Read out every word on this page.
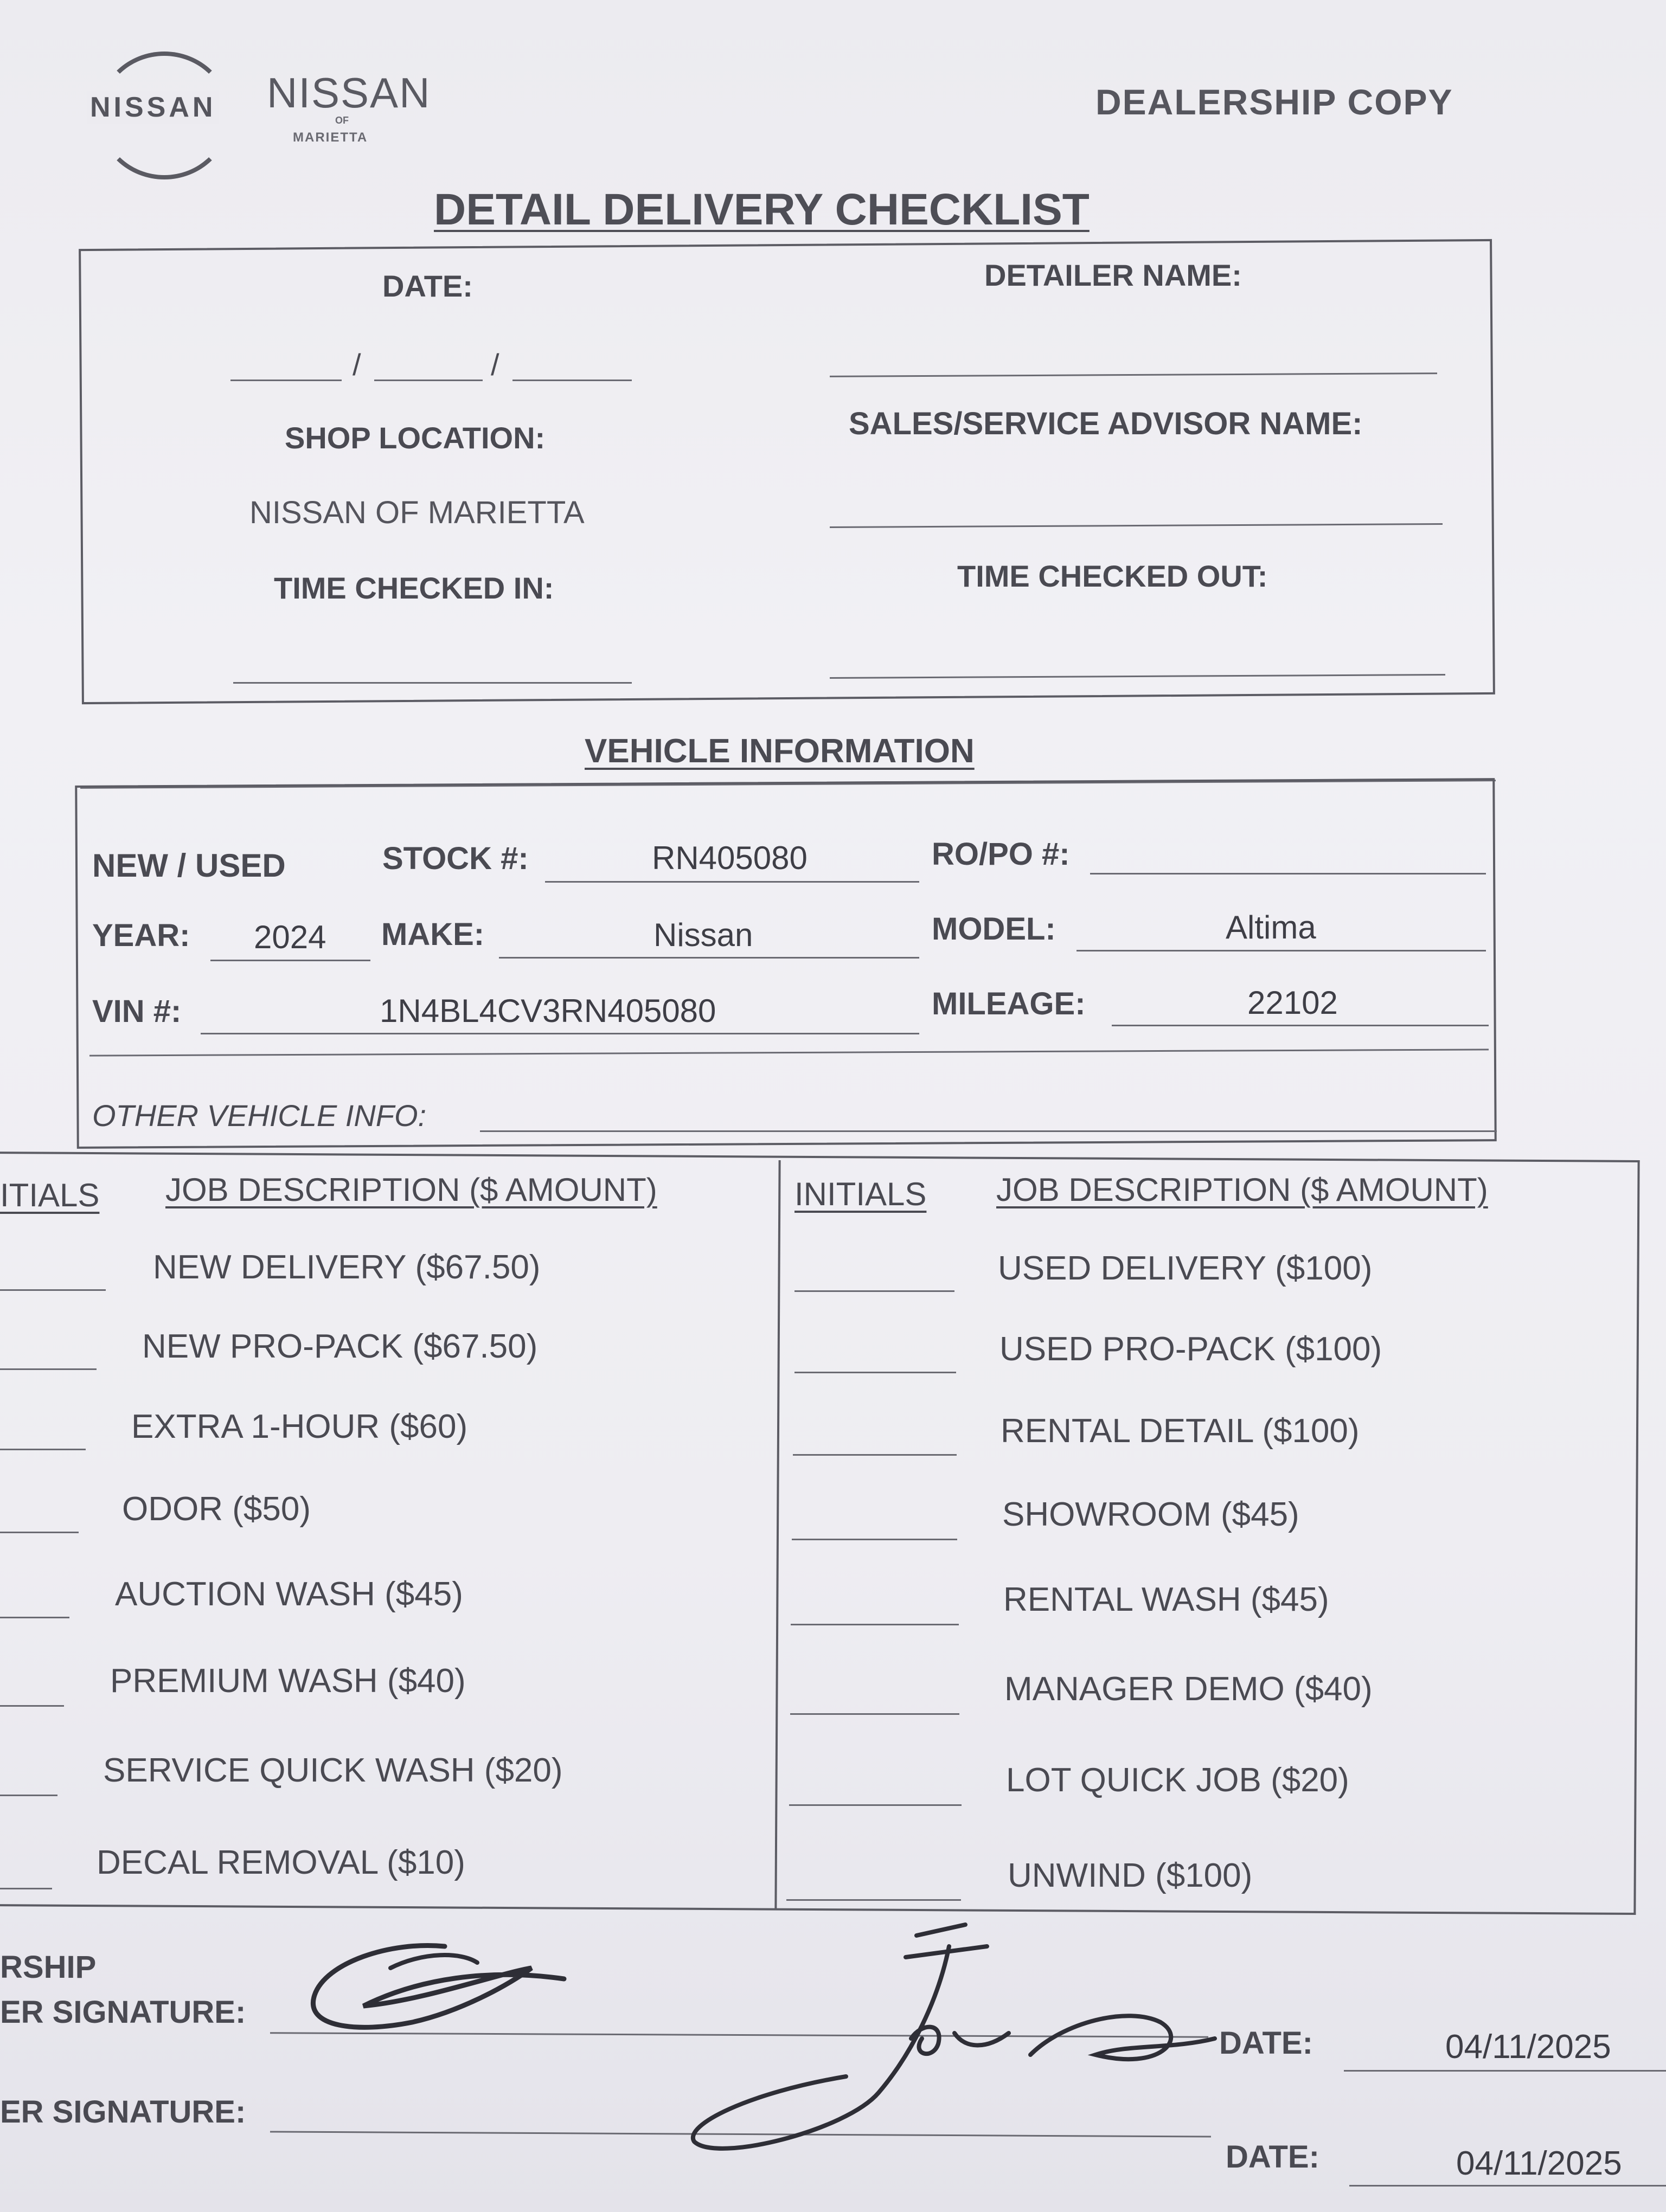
NISSAN NISSAN
OF
MARIETTA
DEALERSHIP COPY
DETAIL DELIVERY CHECKLIST
DATE:
/	/
DETAILER NAME:
SHOP LOCATION:
NISSAN OF MARIETTA
SALES/SERVICE ADVISOR NAME:
TIME CHECKED IN:	TIME CHECKED OUT:
VEHICLE INFORMATION
NEW / USED	STOCK #:	RN405080	RO/PO #:
YEAR: 2024 MAKE:	Nissan	MODEL:	Altima
VIN #:	1N4BL4CV3RN405080	MILEAGE:	22102
OTHER VEHICLE INFO:
ITIALS JOB DESCRIPTION ($ AMOUNT)	INITIALS JOB DESCRIPTION ($ AMOUNT)
NEW DELIVERY ($67.50)
NEW PRO-PACK ($67.50)
EXTRA 1-HOUR ($60)
ODOR ($50)
AUCTION WASH ($45)
PREMIUM WASH ($40)
SERVICE QUICK WASH ($20)
DECAL REMOVAL ($10)
USED DELIVERY ($100)
USED PRO-PACK ($100)
RENTAL DETAIL ($100)
SHOWROOM ($45)
RENTAL WASH ($45)
MANAGER DEMO ($40)
LOT QUICK JOB ($20)
UNWIND ($100)
RSHIP
ER SIGNATURE:
DATE:	04/11/2025
ER SIGNATURE:
DATE:	04/11/2025
